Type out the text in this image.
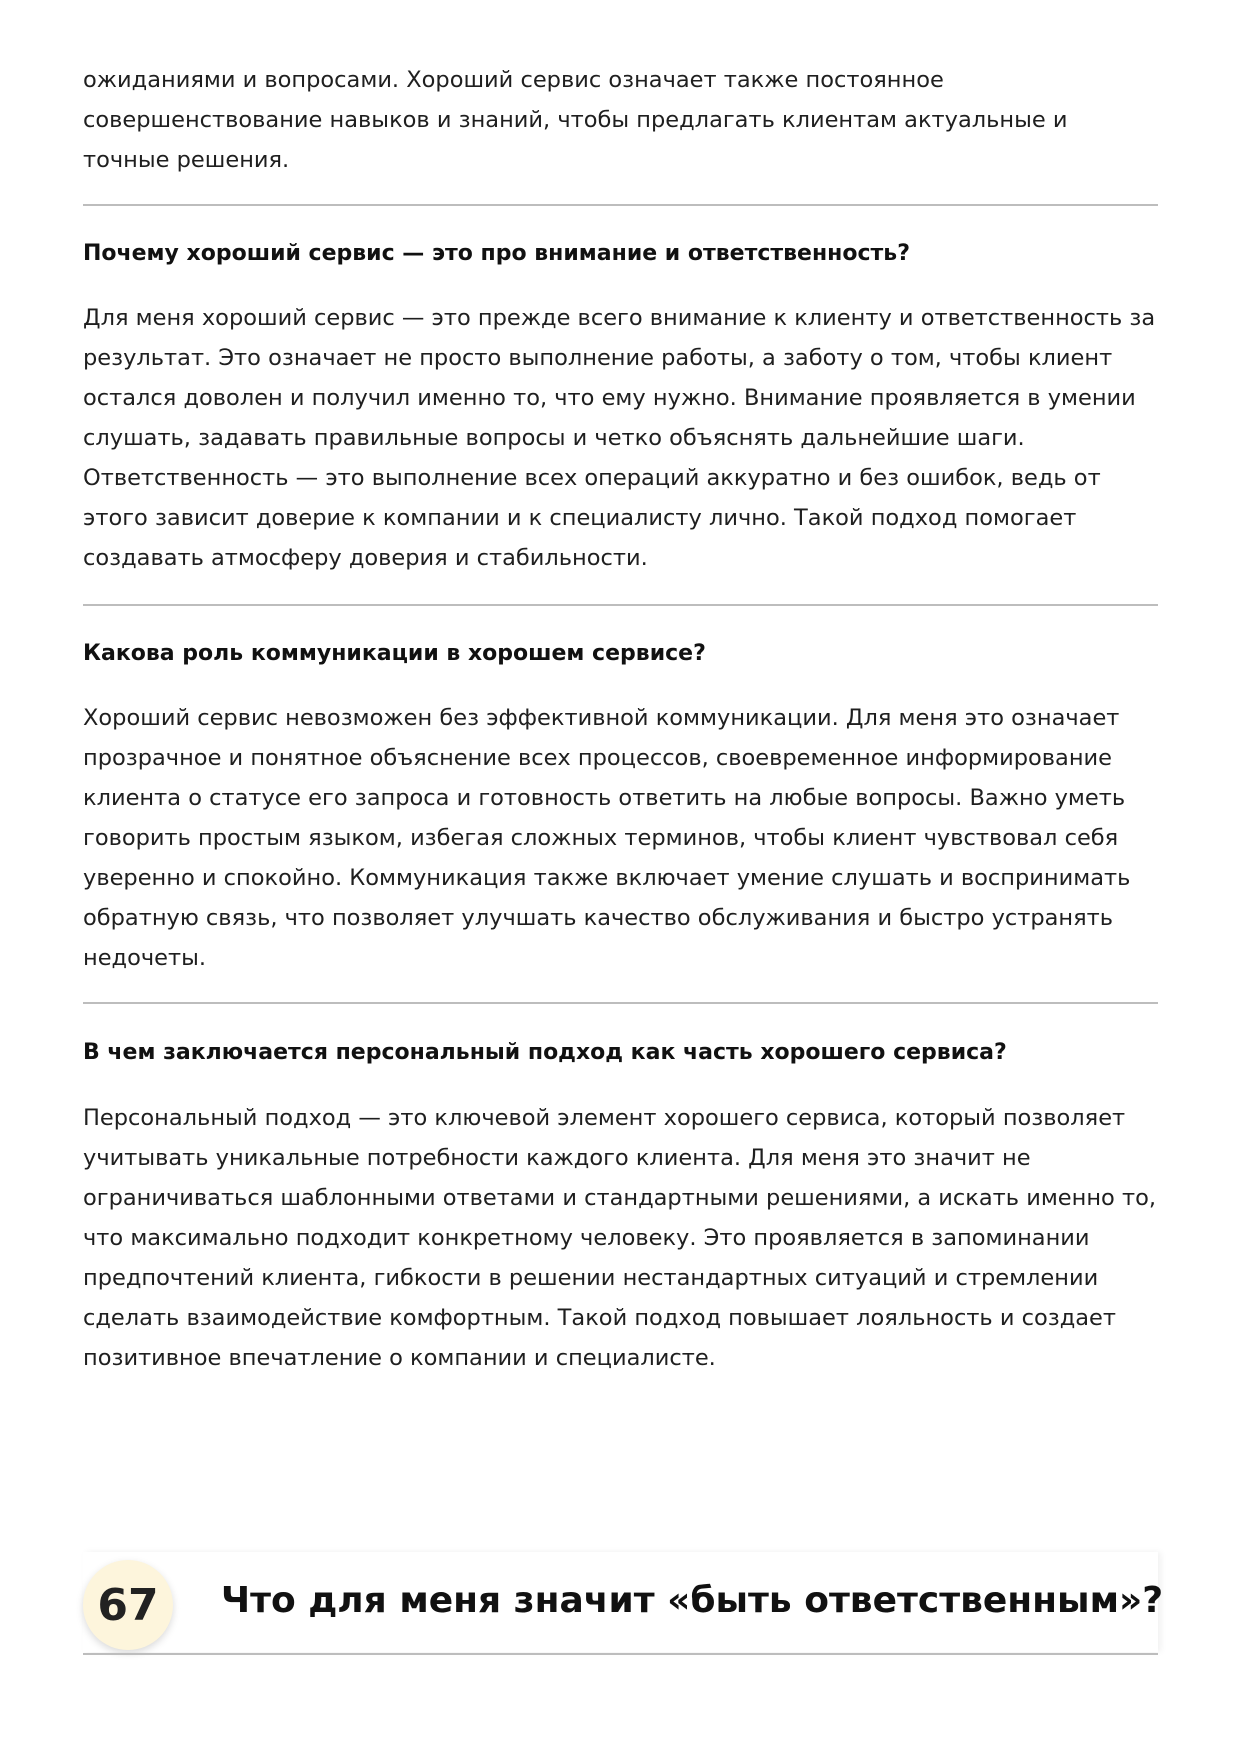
ожиданиями и вопросами. Хороший сервис означает также постоянное совершенствование навыков и знаний, чтобы предлагать клиентам актуальные и точные решения.

Почему хороший сервис — это про внимание и ответственность?

Для меня хороший сервис — это прежде всего внимание к клиенту и ответственность за результат. Это означает не просто выполнение работы, а заботу о том, чтобы клиент остался доволен и получил именно то, что ему нужно. Внимание проявляется в умении слушать, задавать правильные вопросы и четко объяснять дальнейшие шаги. Ответственность — это выполнение всех операций аккуратно и без ошибок, ведь от этого зависит доверие к компании и к специалисту лично. Такой подход помогает создавать атмосферу доверия и стабильности.

Какова роль коммуникации в хорошем сервисе?

Хороший сервис невозможен без эффективной коммуникации. Для меня это означает прозрачное и понятное объяснение всех процессов, своевременное информирование клиента о статусе его запроса и готовность ответить на любые вопросы. Важно уметь говорить простым языком, избегая сложных терминов, чтобы клиент чувствовал себя уверенно и спокойно. Коммуникация также включает умение слушать и воспринимать обратную связь, что позволяет улучшать качество обслуживания и быстро устранять недочеты.

В чем заключается персональный подход как часть хорошего сервиса?

Персональный подход — это ключевой элемент хорошего сервиса, который позволяет учитывать уникальные потребности каждого клиента. Для меня это значит не ограничиваться шаблонными ответами и стандартными решениями, а искать именно то, что максимально подходит конкретному человеку. Это проявляется в запоминании предпочтений клиента, гибкости в решении нестандартных ситуаций и стремлении сделать взаимодействие комфортным. Такой подход повышает лояльность и создает позитивное впечатление о компании и специалисте.

67	Что для меня значит «быть ответственным»?
